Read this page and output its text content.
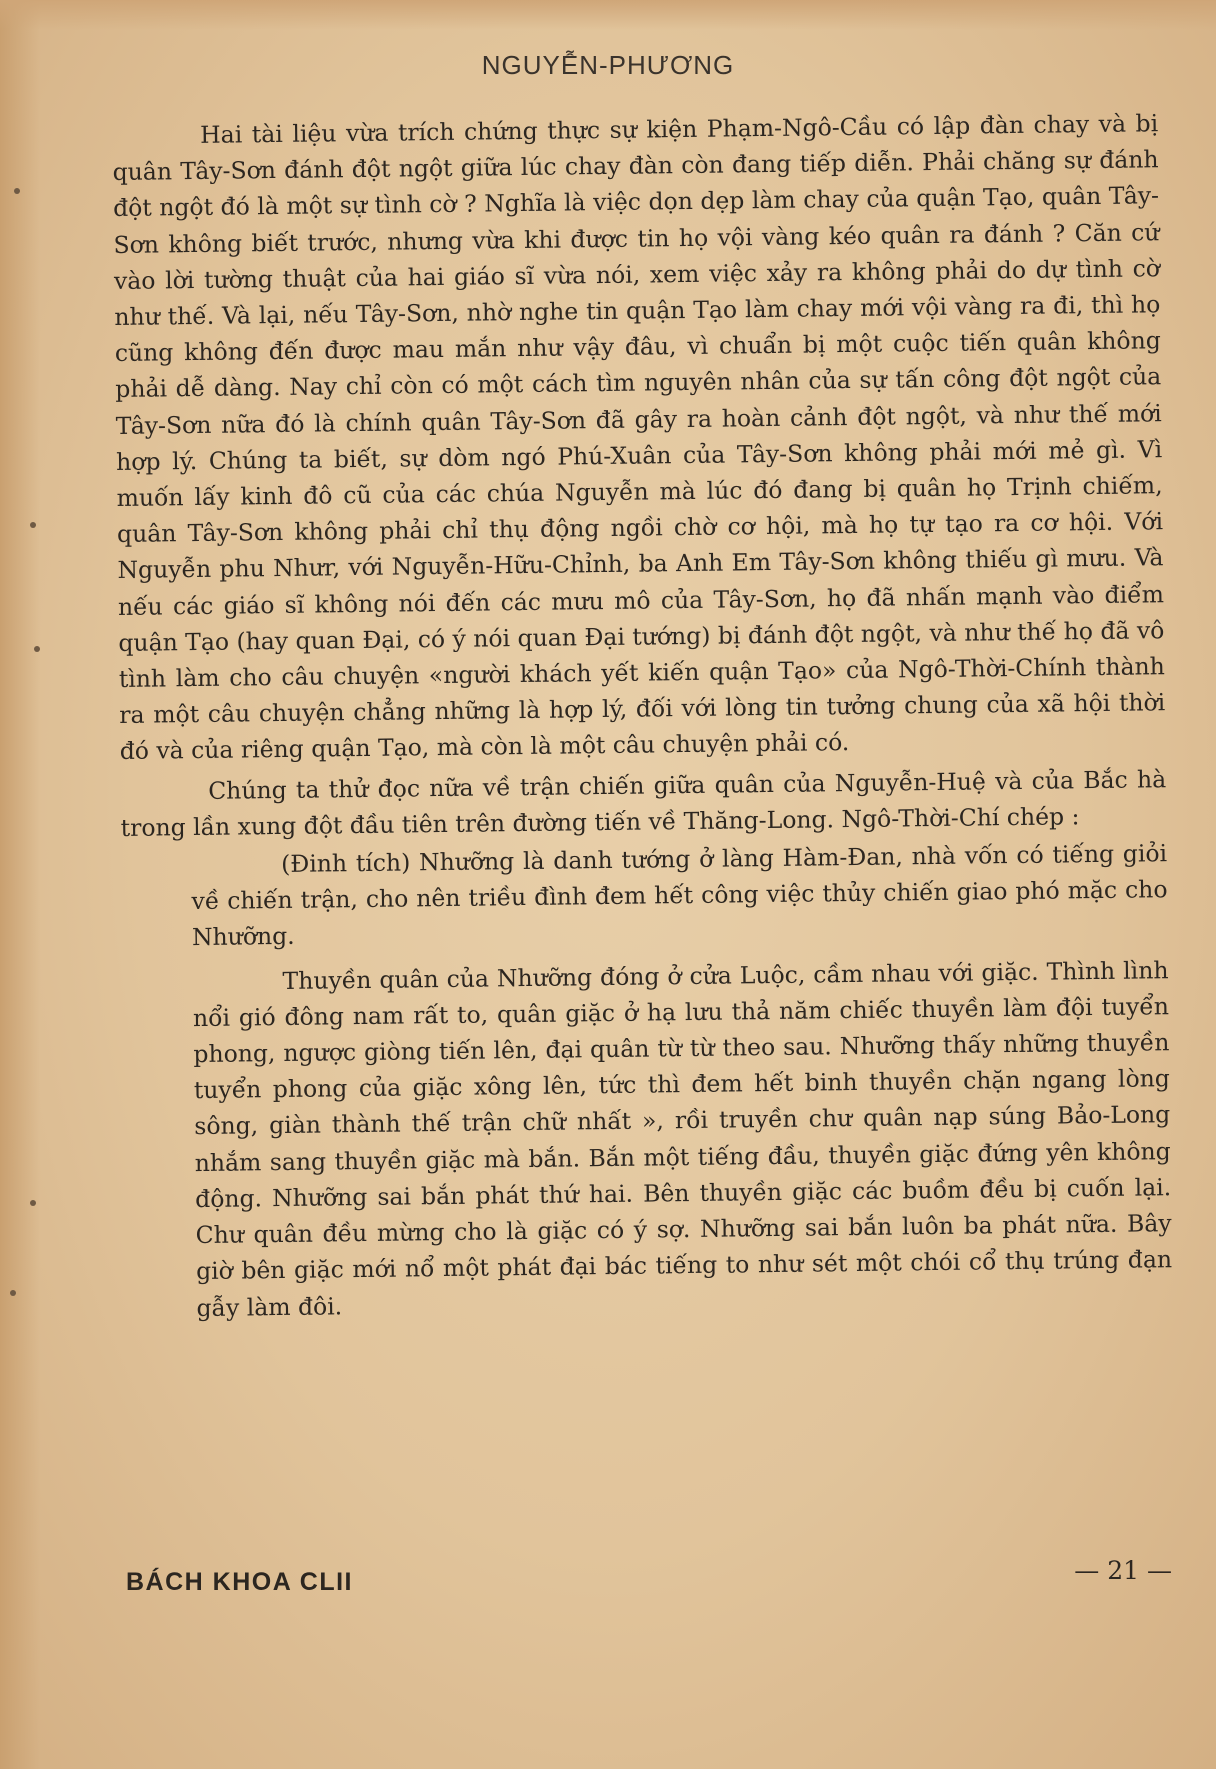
NGUYỄN-PHƯƠNG

Hai tài liệu vừa trích chứng thực sự kiện Phạm-Ngô-Cầu có lập đàn chay và bị quân Tây-Sơn đánh đột ngột giữa lúc chay đàn còn đang tiếp diễn. Phải chăng sự đánh đột ngột đó là một sự tình cờ ? Nghĩa là việc dọn dẹp làm chay của quận Tạo, quân Tây-Sơn không biết trước, nhưng vừa khi được tin họ vội vàng kéo quân ra đánh ? Căn cứ vào lời tường thuật của hai giáo sĩ vừa nói, xem việc xảy ra không phải do dự tình cờ như thế. Và lại, nếu Tây-Sơn, nhờ nghe tin quận Tạo làm chay mới vội vàng ra đi, thì họ cũng không đến được mau mắn như vậy đâu, vì chuẩn bị một cuộc tiến quân không phải dễ dàng. Nay chỉ còn có một cách tìm nguyên nhân của sự tấn công đột ngột của Tây-Sơn nữa đó là chính quân Tây-Sơn đã gây ra hoàn cảnh đột ngột, và như thế mới hợp lý. Chúng ta biết, sự dòm ngó Phú-Xuân của Tây-Sơn không phải mới mẻ gì. Vì muốn lấy kinh đô cũ của các chúa Nguyễn mà lúc đó đang bị quân họ Trịnh chiếm, quân Tây-Sơn không phải chỉ thụ động ngồi chờ cơ hội, mà họ tự tạo ra cơ hội. Với Nguyễn phu Nhưr, với Nguyễn-Hữu-Chỉnh, ba Anh Em Tây-Sơn không thiếu gì mưu. Và nếu các giáo sĩ không nói đến các mưu mô của Tây-Sơn, họ đã nhấn mạnh vào điểm quận Tạo (hay quan Đại, có ý nói quan Đại tướng) bị đánh đột ngột, và như thế họ đã vô tình làm cho câu chuyện «người khách yết kiến quận Tạo» của Ngô-Thời-Chính thành ra một câu chuyện chẳng những là hợp lý, đối với lòng tin tưởng chung của xã hội thời đó và của riêng quận Tạo, mà còn là một câu chuyện phải có.

Chúng ta thử đọc nữa về trận chiến giữa quân của Nguyễn-Huệ và của Bắc hà trong lần xung đột đầu tiên trên đường tiến về Thăng-Long. Ngô-Thời-Chí chép :

(Đinh tích) Nhưỡng là danh tướng ở làng Hàm-Đan, nhà vốn có tiếng giỏi về chiến trận, cho nên triều đình đem hết công việc thủy chiến giao phó mặc cho Nhưỡng.

Thuyền quân của Nhưỡng đóng ở cửa Luộc, cầm nhau với giặc. Thình lình nổi gió đông nam rất to, quân giặc ở hạ lưu thả năm chiếc thuyền làm đội tuyển phong, ngược giòng tiến lên, đại quân từ từ theo sau. Nhưỡng thấy những thuyền tuyển phong của giặc xông lên, tức thì đem hết binh thuyền chặn ngang lòng sông, giàn thành thế trận chữ nhất », rồi truyền chư quân nạp súng Bảo-Long nhắm sang thuyền giặc mà bắn. Bắn một tiếng đầu, thuyền giặc đứng yên không động. Nhưỡng sai bắn phát thứ hai. Bên thuyền giặc các buồm đều bị cuốn lại. Chư quân đều mừng cho là giặc có ý sợ. Nhưỡng sai bắn luôn ba phát nữa. Bây giờ bên giặc mới nổ một phát đại bác tiếng to như sét một chói cổ thụ trúng đạn gẫy làm đôi.

BÁCH KHOA CLII	— 21 —
